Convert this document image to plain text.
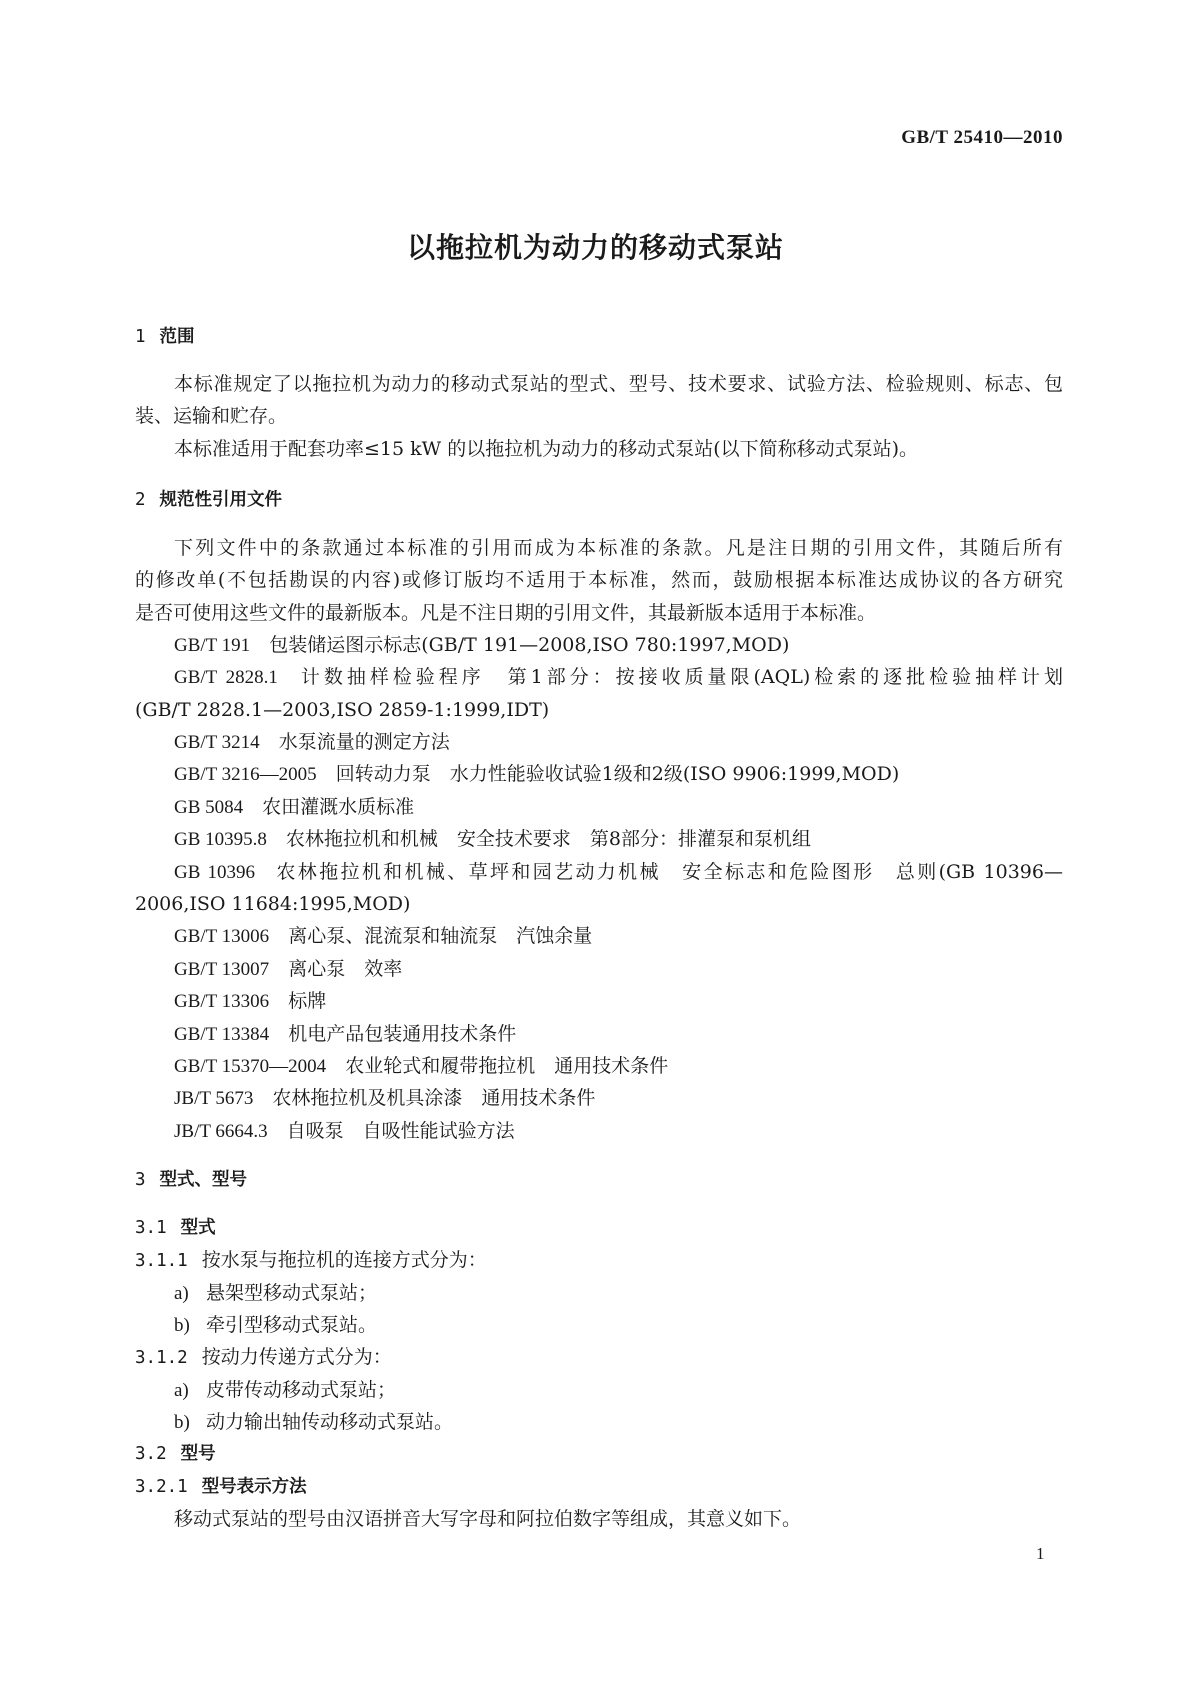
GB/T 25410—2010
以拖拉机为动力的移动式泵站
1 范围
本标准规定了以拖拉机为动力的移动式泵站的型式、型号、技术要求、试验方法、检验规则、标志、包
装、运输和贮存。
本标准适用于配套功率≤15 kW 的以拖拉机为动力的移动式泵站(以下简称移动式泵站)。
2 规范性引用文件
下列文件中的条款通过本标准的引用而成为本标准的条款。凡是注日期的引用文件，其随后所有
的修改单(不包括勘误的内容)或修订版均不适用于本标准，然而，鼓励根据本标准达成协议的各方研究
是否可使用这些文件的最新版本。凡是不注日期的引用文件，其最新版本适用于本标准。
GB/T 191 包装储运图示标志(GB/T 191—2008,ISO 780:1997,MOD)
GB/T 2828.1 计数抽样检验程序　第1部分：按接收质量限(AQL)检索的逐批检验抽样计划
(GB/T 2828.1—2003,ISO 2859-1:1999,IDT)
GB/T 3214 水泵流量的测定方法
GB/T 3216—2005 回转动力泵　水力性能验收试验1级和2级(ISO 9906:1999,MOD)
GB 5084 农田灌溉水质标准
GB 10395.8 农林拖拉机和机械　安全技术要求　第8部分：排灌泵和泵机组
GB 10396 农林拖拉机和机械、草坪和园艺动力机械　安全标志和危险图形　总则(GB 10396—
2006,ISO 11684:1995,MOD)
GB/T 13006 离心泵、混流泵和轴流泵　汽蚀余量
GB/T 13007 离心泵　效率
GB/T 13306 标牌
GB/T 13384 机电产品包装通用技术条件
GB/T 15370—2004 农业轮式和履带拖拉机　通用技术条件
JB/T 5673 农林拖拉机及机具涂漆　通用技术条件
JB/T 6664.3 自吸泵　自吸性能试验方法
3 型式、型号
3.1 型式
3.1.1 按水泵与拖拉机的连接方式分为：
a) 悬架型移动式泵站；
b) 牵引型移动式泵站。
3.1.2 按动力传递方式分为：
a) 皮带传动移动式泵站；
b) 动力输出轴传动移动式泵站。
3.2 型号
3.2.1 型号表示方法
移动式泵站的型号由汉语拼音大写字母和阿拉伯数字等组成，其意义如下。
1
